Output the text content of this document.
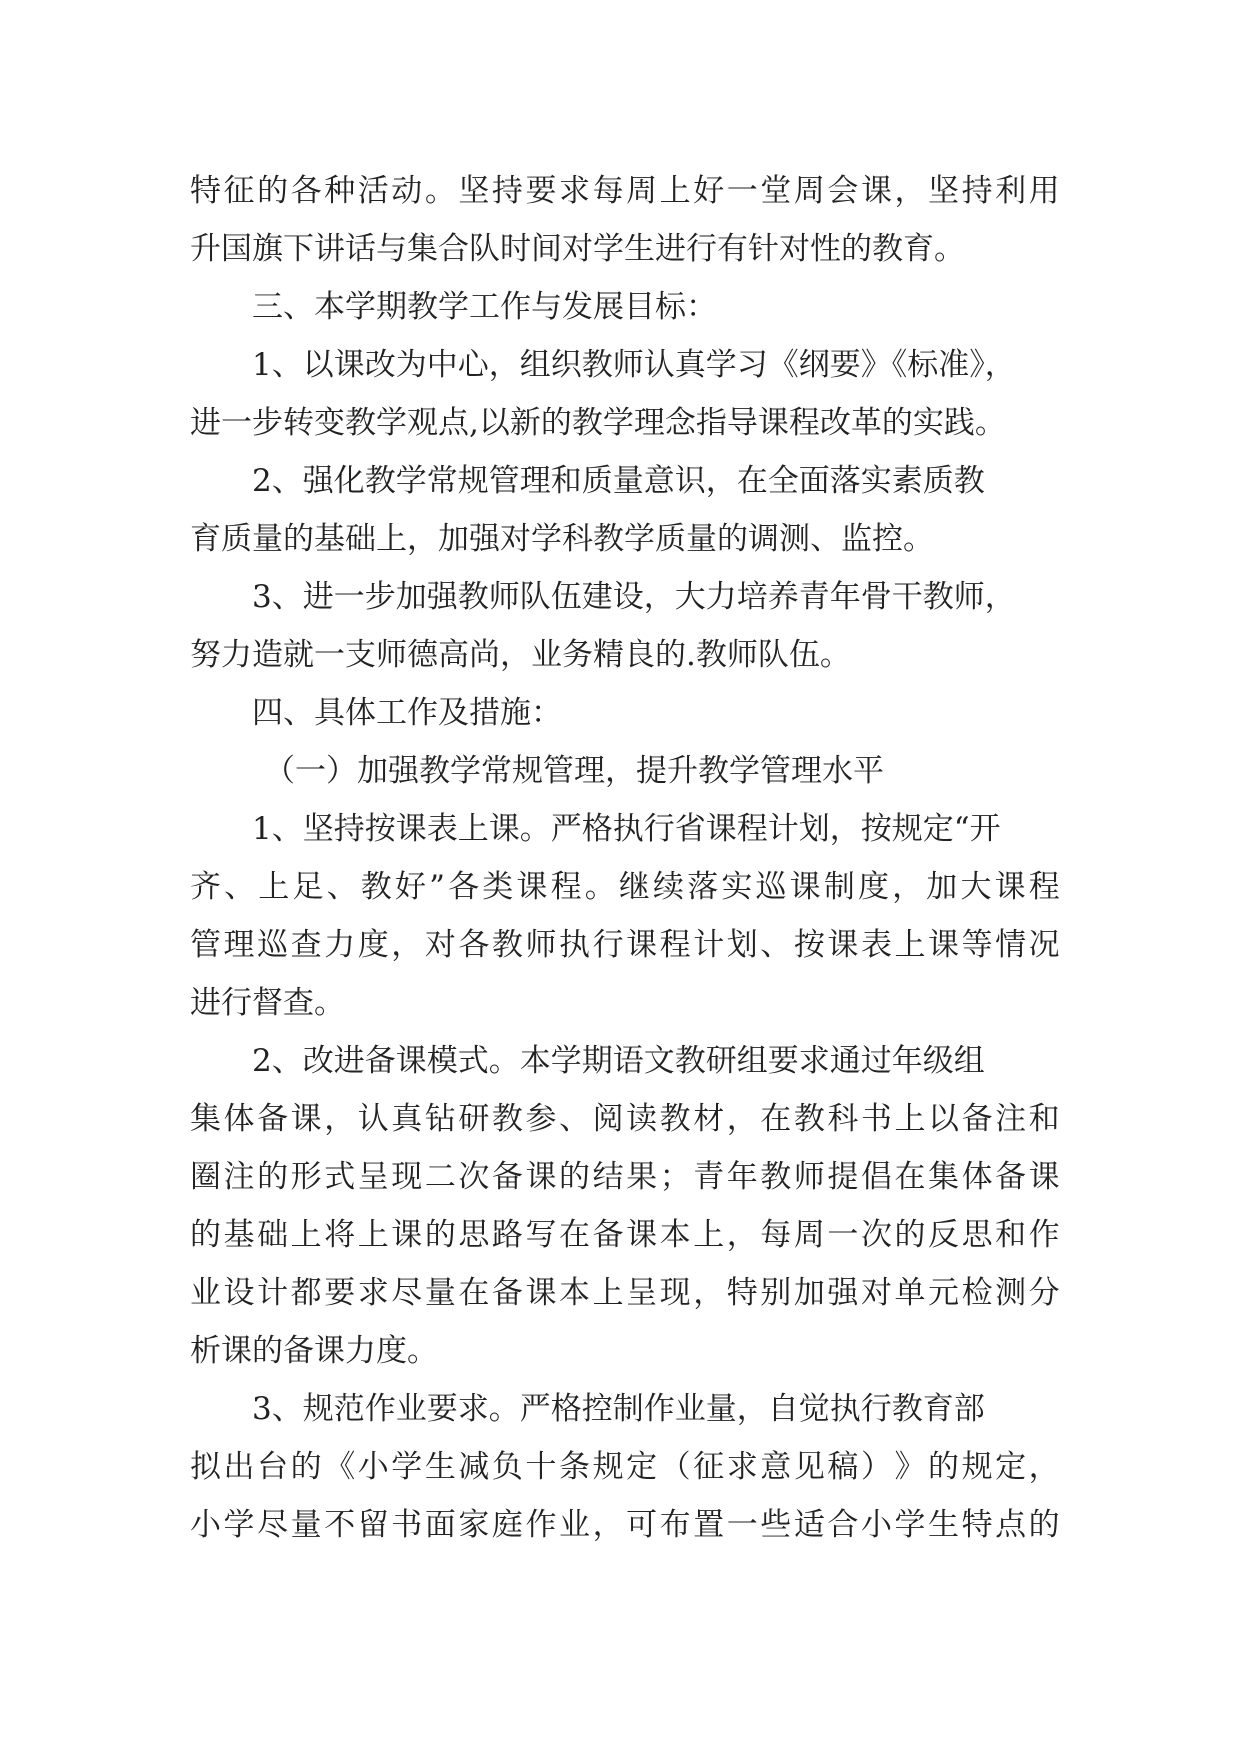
特 征 的 各 种 活 动 。 坚 持 要 求 每 周 上 好 一 堂 周 会 课 ， 坚 持 利 用
升国旗下讲话与集合队时间对学生进行有针对性的教育。
三、本学期教学工作与发展目标：
1、以课改为中心，组织教师认真学习《纲要》《标准》，
进一步转变教学观点,以新的教学理念指导课程改革的实践。
2、强化教学常规管理和质量意识，在全面落实素质教
育质量的基础上，加强对学科教学质量的调测、监控。
3、进一步加强教师队伍建设，大力培养青年骨干教师，
努力造就一支师德高尚，业务精良的.教师队伍。
四、具体工作及措施：
（一）加强教学常规管理，提升教学管理水平
1、坚持按课表上课。严格执行省课程计划，按规定“开
齐 、 上 足 、 教 好 ” 各 类 课 程 。 继 续 落 实 巡 课 制 度 ， 加 大 课 程
管 理 巡 查 力 度 ， 对 各 教 师 执 行 课 程 计 划 、 按 课 表 上 课 等 情 况
进行督查。
2、改进备课模式。本学期语文教研组要求通过年级组
集 体 备 课 ， 认 真 钻 研 教 参 、 阅 读 教 材 ， 在 教 科 书 上 以 备 注 和
圈 注 的 形 式 呈 现 二 次 备 课 的 结 果 ； 青 年 教 师 提 倡 在 集 体 备 课
的 基 础 上 将 上 课 的 思 路 写 在 备 课 本 上 ， 每 周 一 次 的 反 思 和 作
业 设 计 都 要 求 尽 量 在 备 课 本 上 呈 现 ， 特 别 加 强 对 单 元 检 测 分
析课的备课力度。
3、规范作业要求。严格控制作业量，自觉执行教育部
拟 出 台 的 《 小 学 生 减 负 十 条 规 定 （ 征 求 意 见 稿 ） 》 的 规 定 ，
小 学 尽 量 不 留 书 面 家 庭 作 业 ， 可 布 置 一 些 适 合 小 学 生 特 点 的
